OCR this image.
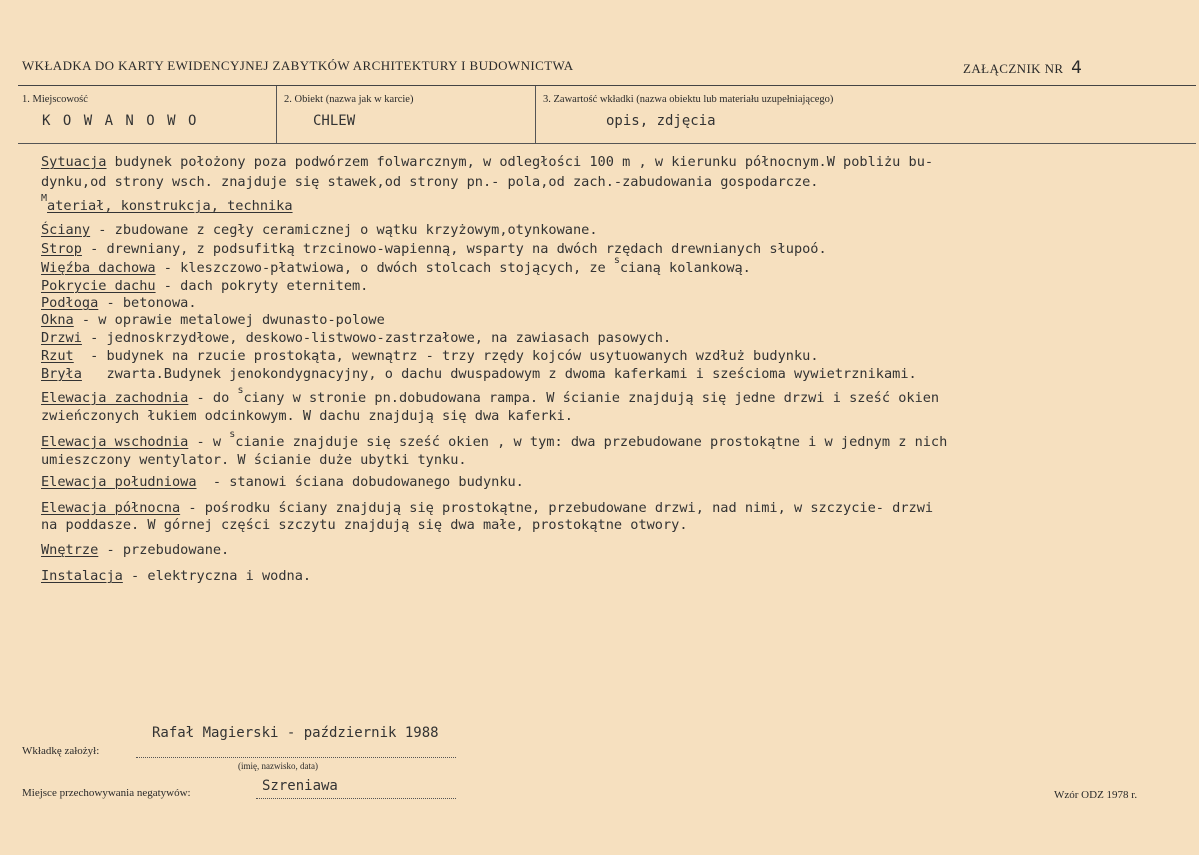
WKŁADKA DO KARTY EWIDENCYJNEJ ZABYTKÓW ARCHITEKTURY I BUDOWNICTWA	ZAŁĄCZNIK NR 4
1. Miejscowość
K O W A N O W O
2. Obiekt (nazwa jak w karcie)
CHLEW
3. Zawartość wkładki (nazwa obiektu lub materiału uzupełniającego)
opis, zdjęcia
Sytuacja budynek położony poza podwórzem folwarcznym, w odległości 100 m , w kierunku północnym.W pobliżu bu-
dynku,od strony wsch. znajduje się stawek,od strony pn.- pola,od zach.-zabudowania gospodarcze.
$^M$ateriał, konstrukcja, technika
Ściany - zbudowane z cegły ceramicznej o wątku krzyżowym,otynkowane.
Strop - drewniany, z podsufitką trzcinowo-wapienną, wsparty na dwóch rzędach drewnianych słupoó.
Więźba dachowa - kleszczowo-płatwiowa, o dwóch stolcach stojących, ze $^s$cianą kolankową.
Pokrycie dachu - dach pokryty eternitem.
Podłoga - betonowa.
Okna - w oprawie metalowej dwunasto-polowe
Drzwi - jednoskrzydłowe, deskowo-listwowo-zastrzałowe, na zawiasach pasowych.
Rzut  - budynek na rzucie prostokąta, wewnątrz - trzy rzędy kojców usytuowanych wzdłuż budynku.
Bryła   zwarta.Budynek jenokondygnacyjny, o dachu dwuspadowym z dwoma kaferkami i sześcioma wywietrznikami.
Elewacja zachodnia - do $^s$ciany w stronie pn.dobudowana rampa. W ścianie znajdują się jedne drzwi i sześć okien
zwieńczonych łukiem odcinkowym. W dachu znajdują się dwa kaferki.
Elewacja wschodnia - w $^s$cianie znajduje się sześć okien , w tym: dwa przebudowane prostokątne i w jednym z nich
umieszczony wentylator. W ścianie duże ubytki tynku.
Elewacja południowa  - stanowi ściana dobudowanego budynku.
Elewacja północna - pośrodku ściany znajdują się prostokątne, przebudowane drzwi, nad nimi, w szczycie- drzwi
na poddasze. W górnej części szczytu znajdują się dwa małe, prostokątne otwory.
Wnętrze - przebudowane.
Instalacja - elektryczna i wodna.
Rafał Magierski - październik 1988
Wkładkę założył:
(imię, nazwisko, data)
Miejsce przechowywania negatywów:	Szreniawa
Wzór ODZ 1978 r.
